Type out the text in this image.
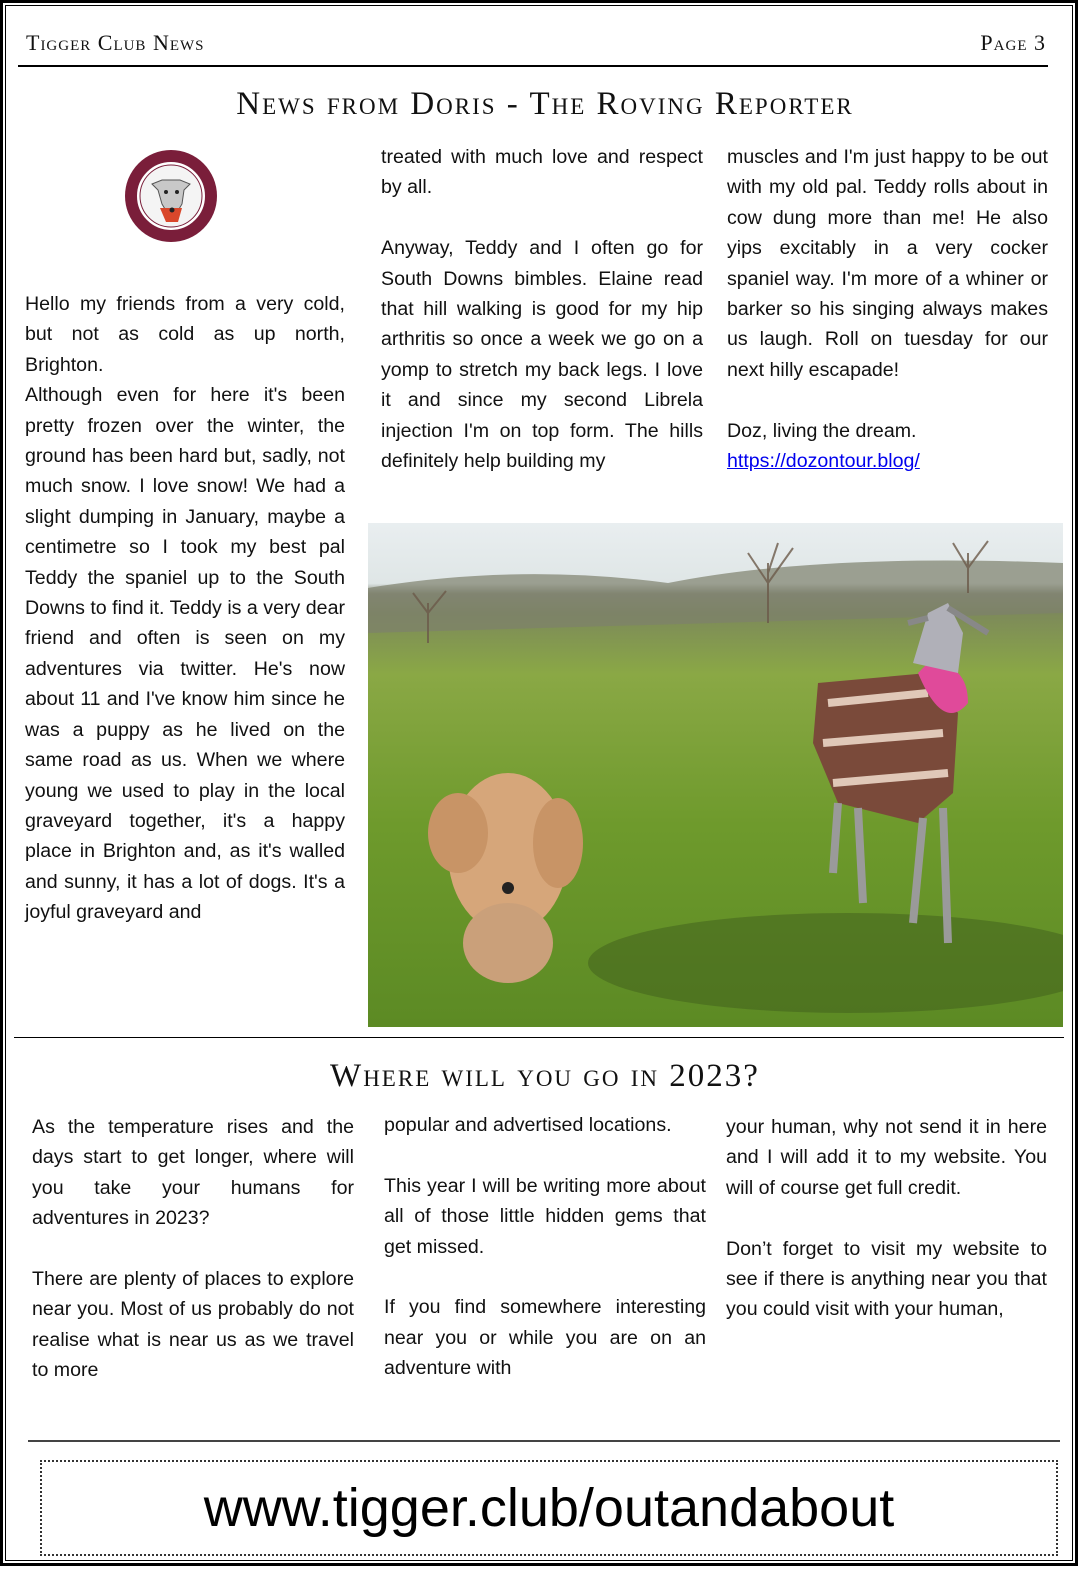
Tigger Club News	Page 3
News from Doris - The Roving Reporter

Hello my friends from a very cold, but not as cold as up north, Brighton.

Although even for here it's been pretty frozen over the winter, the ground has been hard but, sadly, not much snow. I love snow! We had a slight dumping in January, maybe a centimetre so I took my best pal Teddy the spaniel up to the South Downs to find it. Teddy is a very dear friend and often is seen on my adventures via twitter. He's now about 11 and I've know him since he was a puppy as he lived on the same road as us. When we where young we used to play in the local graveyard together, it's a happy place in Brighton and, as it's walled and sunny, it has a lot of dogs. It's a joyful graveyard and

treated with much love and respect by all.

Anyway, Teddy and I often go for South Downs bimbles. Elaine read that hill walking is good for my hip arthritis so once a week we go on a yomp to stretch my back legs. I love it and since my second Librela injection I'm on top form. The hills definitely help building my

muscles and I'm just happy to be out with my old pal. Teddy rolls about in cow dung more than me! He also yips excitably in a very cocker spaniel way. I'm more of a whiner or barker so his singing always makes us laugh. Roll on tuesday for our next hilly escapade!

Doz, living the dream.

https://dozontour.blog/

Where will you go in 2023?

As the temperature rises and the days start to get longer, where will you take your humans for adventures in 2023?

There are plenty of places to explore near you. Most of us probably do not realise what is near us as we travel to more

popular and advertised locations.

This year I will be writing more about all of those little hidden gems that get missed.

If you find somewhere interesting near you or while you are on an adventure with

your human, why not send it in here and I will add it to my website. You will of course get full credit.

Don’t forget to visit my website to see if there is anything near you that you could visit with your human,

www.tigger.club/outandabout
